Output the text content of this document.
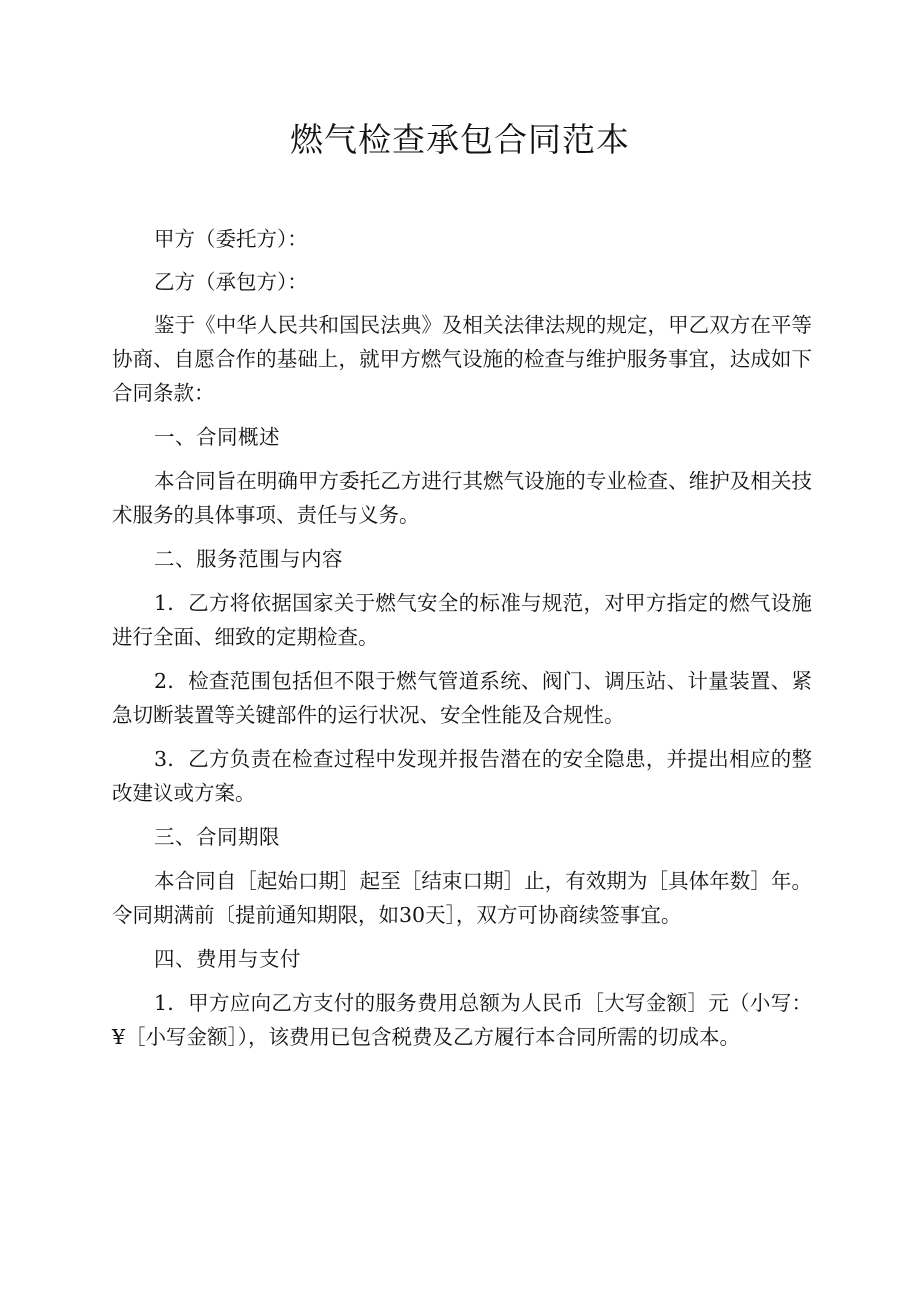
燃气检查承包合同范本

甲方（委托方）：

乙方（承包方）：

鉴于《中华人民共和国民法典》及相关法律法规的规定，甲乙双方在平等协商、自愿合作的基础上，就甲方燃气设施的检查与维护服务事宜，达成如下合同条款：

一、合同概述

本合同旨在明确甲方委托乙方进行其燃气设施的专业检查、维护及相关技术服务的具体事项、责任与义务。

二、服务范围与内容

1．乙方将依据国家关于燃气安全的标准与规范，对甲方指定的燃气设施进行全面、细致的定期检查。

2．检查范围包括但不限于燃气管道系统、阀门、调压站、计量装置、紧急切断装置等关键部件的运行状况、安全性能及合规性。

3．乙方负责在检查过程中发现并报告潜在的安全隐患，并提出相应的整改建议或方案。

三、合同期限

本合同自［起始口期］起至［结束口期］止，有效期为［具体年数］年。令同期满前〔提前通知期限，如30天］，双方可协商续签事宜。

四、费用与支付

1．甲方应向乙方支付的服务费用总额为人民币［大写金额］元（小写：¥［小写金额］），该费用已包含税费及乙方履行本合同所需的切成本。
